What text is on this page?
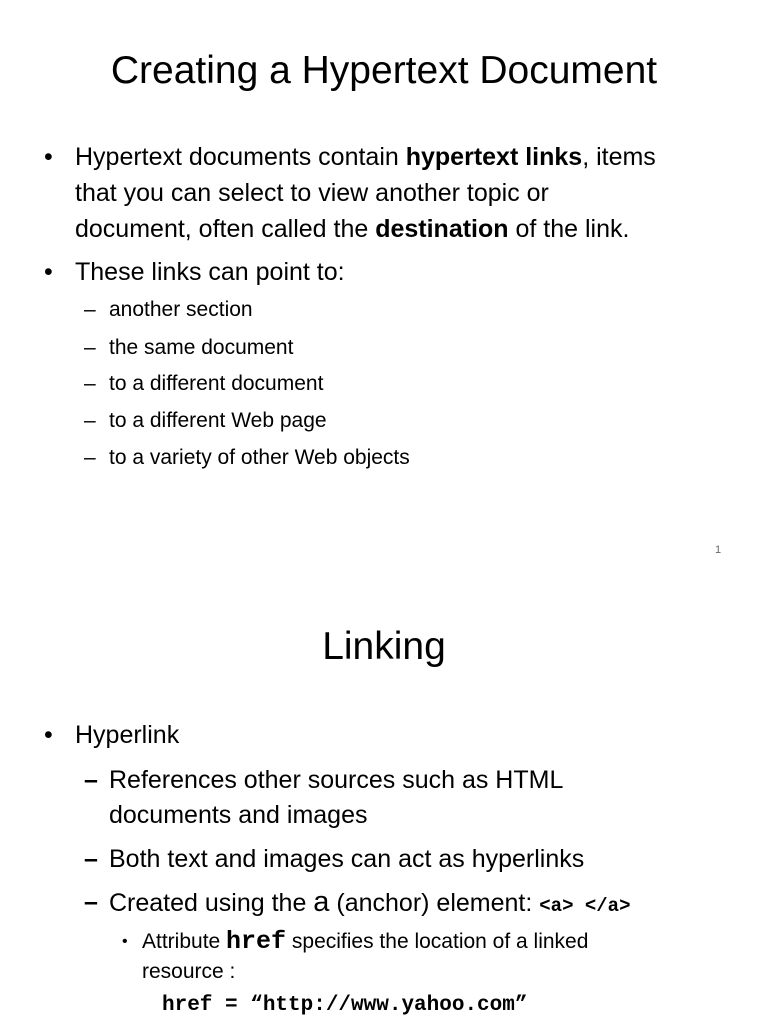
Creating a Hypertext Document
• Hypertext documents contain hypertext links, items
that you can select to view another topic or
document, often called the destination of the link.
• These links can point to:
– another section
– the same document
– to a different document
– to a different Web page
– to a variety of other Web objects
1
Linking
• Hyperlink
– References other sources such as HTML
documents and images
– Both text and images can act as hyperlinks
– Created using the a (anchor) element: <a> </a>
• Attribute href specifies the location of a linked
resource :
href = “http://www.yahoo.com”
